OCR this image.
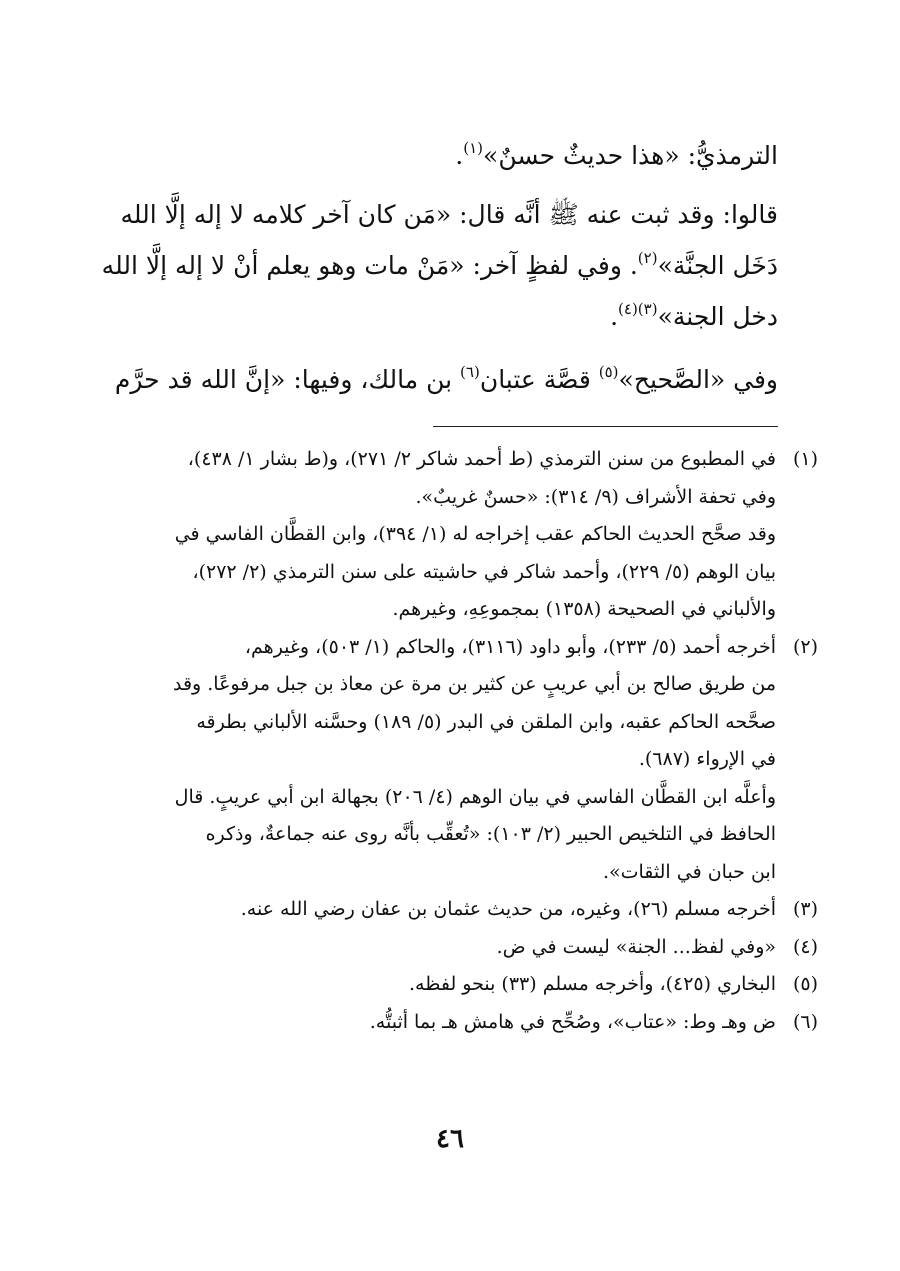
الترمذيُّ: «هذا حديثٌ حسنٌ»$^{(١)}$.
قالوا: وقد ثبت عنه ﷺ أنَّه قال: «مَن كان آخر كلامه لا إله إلَّا الله
دَخَل الجنَّة»$^{(٢)}$. وفي لفظٍ آخر: «مَنْ مات وهو يعلم أنْ لا إله إلَّا الله
دخل الجنة»$^{(٣)(٤)}$.
وفي «الصَّحيح»$^{(٥)}$ قصَّة عتبان$^{(٦)}$ بن مالك، وفيها: «إنَّ الله قد حرَّم
(١)
في المطبوع من سنن الترمذي (ط أحمد شاكر ٢/ ٢٧١)، و(ط بشار ١/ ٤٣٨)،
وفي تحفة الأشراف (٩/ ٣١٤): «حسنٌ غريبٌ».
وقد صحَّح الحديث الحاكم عقب إخراجه له (١/ ٣٩٤)، وابن القطَّان الفاسي في
بيان الوهم (٥/ ٢٢٩)، وأحمد شاكر في حاشيته على سنن الترمذي (٢/ ٢٧٢)،
والألباني في الصحيحة (١٣٥٨) بمجموعِهِ، وغيرهم.
(٢)
أخرجه أحمد (٥/ ٢٣٣)، وأبو داود (٣١١٦)، والحاكم (١/ ٥٠٣)، وغيرهم،
من طريق صالح بن أبي عريبٍ عن كثير بن مرة عن معاذ بن جبل مرفوعًا. وقد
صحَّحه الحاكم عقبه، وابن الملقن في البدر (٥/ ١٨٩) وحسَّنه الألباني بطرقه
في الإرواء (٦٨٧).
وأعلَّه ابن القطَّان الفاسي في بيان الوهم (٤/ ٢٠٦) بجهالة ابن أبي عريبٍ. قال
الحافظ في التلخيص الحبير (٢/ ١٠٣): «تُعقِّب بأنَّه روى عنه جماعةٌ، وذكره
ابن حبان في الثقات».
(٣)
أخرجه مسلم (٢٦)، وغيره، من حديث عثمان بن عفان رضي الله عنه.
(٤)
«وفي لفظ... الجنة» ليست في ض.
(٥)
البخاري (٤٢٥)، وأخرجه مسلم (٣٣) بنحو لفظه.
(٦)
ض وهـ وط: «عتاب»، وصُحِّح في هامش هـ بما أثبتُّه.
٤٦
